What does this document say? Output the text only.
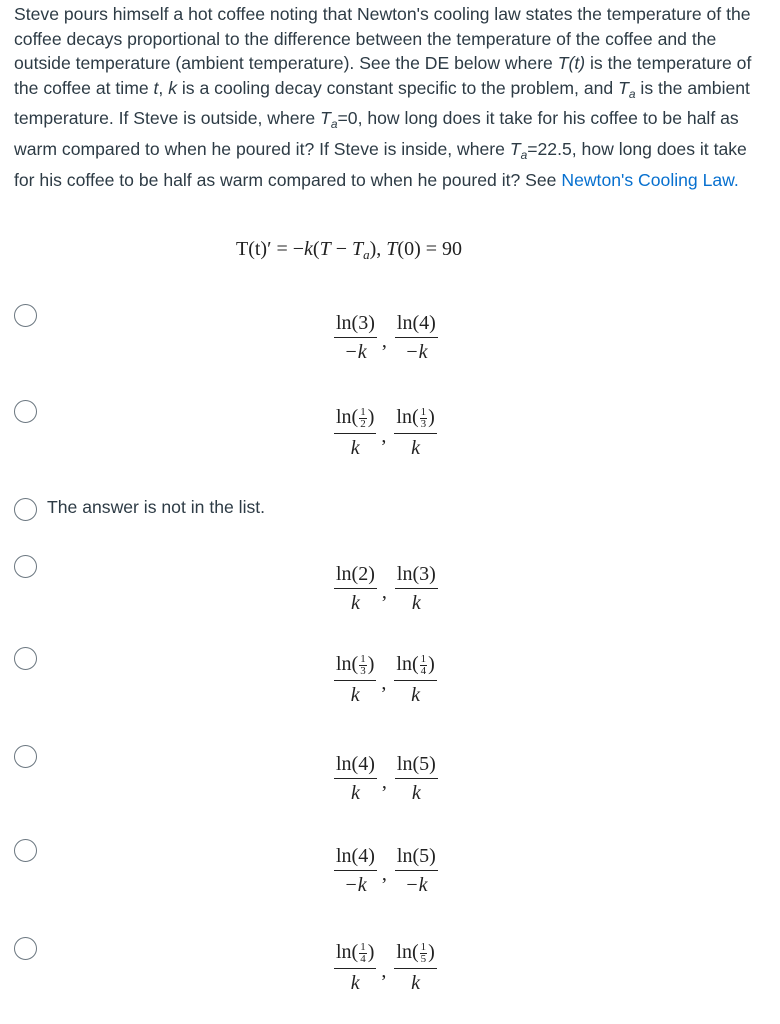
Steve pours himself a hot coffee noting that Newton's cooling law states the temperature of the coffee decays proportional to the difference between the temperature of the coffee and the outside temperature (ambient temperature). See the DE below where T(t) is the temperature of the coffee at time t, k is a cooling decay constant specific to the problem, and $T_a$ is the ambient temperature. If Steve is outside, where $T_a=0$, how long does it take for his coffee to be half as warm compared to when he poured it? If Steve is inside, where $T_a=22.5$, how long does it take for his coffee to be half as warm compared to when he poured it? See Newton's Cooling Law.
$T(t)' = -k(T - T_a)$, T(0) = 90
$\frac{\ln(3)}{-k}$ , $\frac{\ln(4)}{-k}$
$\frac{\ln( \frac{1}{2} )}{k}$ , $\frac{\ln( \frac{1}{3} )}{k}$
The answer is not in the list.
$\frac{\ln(2)}{k}$ , $\frac{\ln(3)}{k}$
$\frac{\ln( \frac{1}{3} )}{k}$ , $\frac{\ln( \frac{1}{4} )}{k}$
$\frac{\ln(4)}{k}$ , $\frac{\ln(5)}{k}$
$\frac{\ln(4)}{-k}$ , $\frac{\ln(5)}{-k}$
$\frac{\ln( \frac{1}{4} )}{k}$ , $\frac{\ln( \frac{1}{5} )}{k}$
